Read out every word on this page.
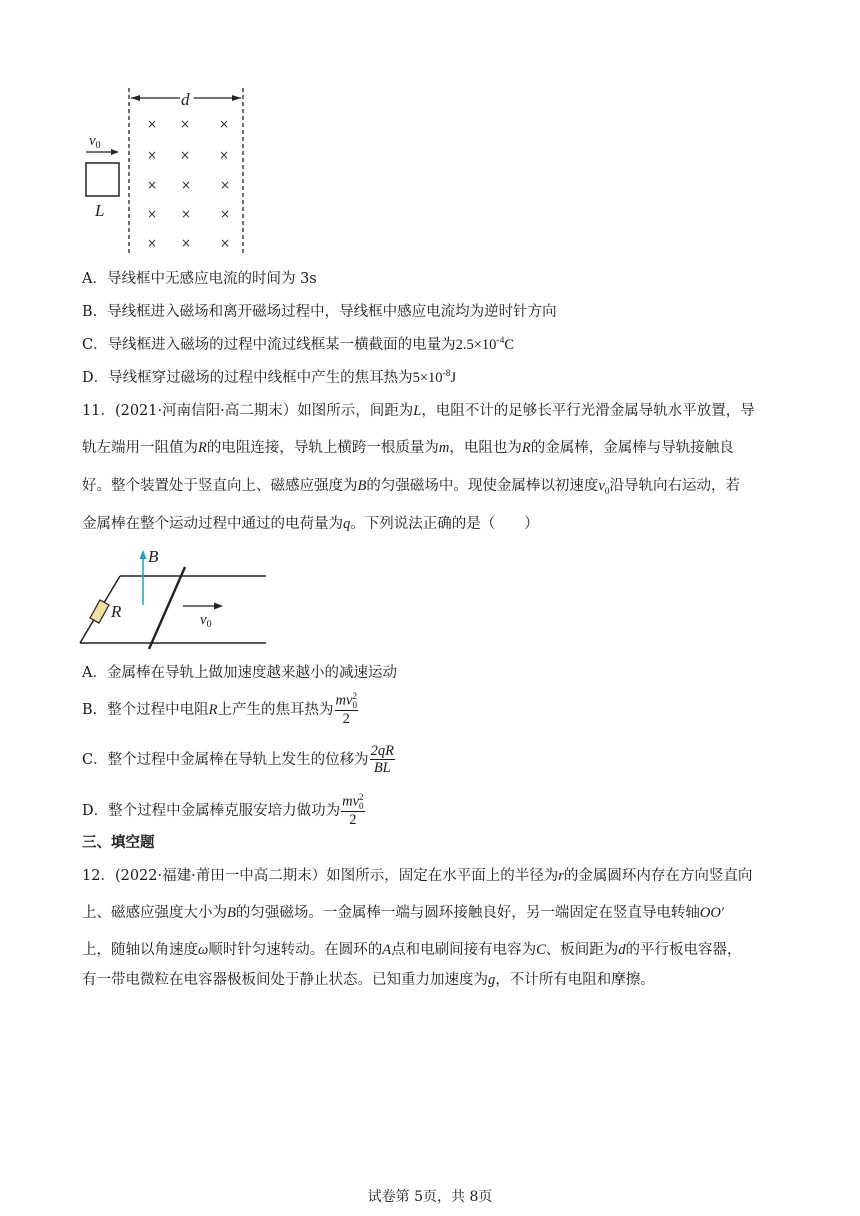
d
× × ×
× × ×
× × ×
× × ×
× × ×
$v_0$
L
A．导线框中无感应电流的时间为 3s
B．导线框进入磁场和离开磁场过程中，导线框中感应电流均为逆时针方向
C．导线框进入磁场的过程中流过线框某一横截面的电量为$2.5\times 10^{-4}C$
D．导线框穿过磁场的过程中线框中产生的焦耳热为$5\times 10^{-8}J$
11．(2021·河南信阳·高二期末）如图所示，间距为L，电阻不计的足够长平行光滑金属导轨水平放置，导
轨左端用一阻值为R的电阻连接，导轨上横跨一根质量为m，电阻也为R的金属棒，金属棒与导轨接触良
好。整个装置处于竖直向上、磁感应强度为B的匀强磁场中。现使金属棒以初速度$v_0$沿导轨向右运动，若
金属棒在整个运动过程中通过的电荷量为q。下列说法正确的是（　　）
R
B
$v_0$
A．金属棒在导轨上做加速度越来越小的减速运动
B．整个过程中电阻R上产生的焦耳热为 mv 2
0
2
C．整个过程中金属棒在导轨上发生的位移为 $\frac{2qR}{BL}$
D．整个过程中金属棒克服安培力做功为 mv 2
0
2
三、填空题
12．(2022·福建·莆田一中高二期末）如图所示，固定在水平面上的半径为r的金属圆环内存在方向竖直向
上、磁感应强度大小为B的匀强磁场。一金属棒一端与圆环接触良好，另一端固定在竖直导电转轴OO′
上，随轴以角速度ω顺时针匀速转动。在圆环的A点和电刷间接有电容为C、板间距为d的平行板电容器，
有一带电微粒在电容器极板间处于静止状态。已知重力加速度为g，不计所有电阻和摩擦。
试卷第 5页，共 8页
